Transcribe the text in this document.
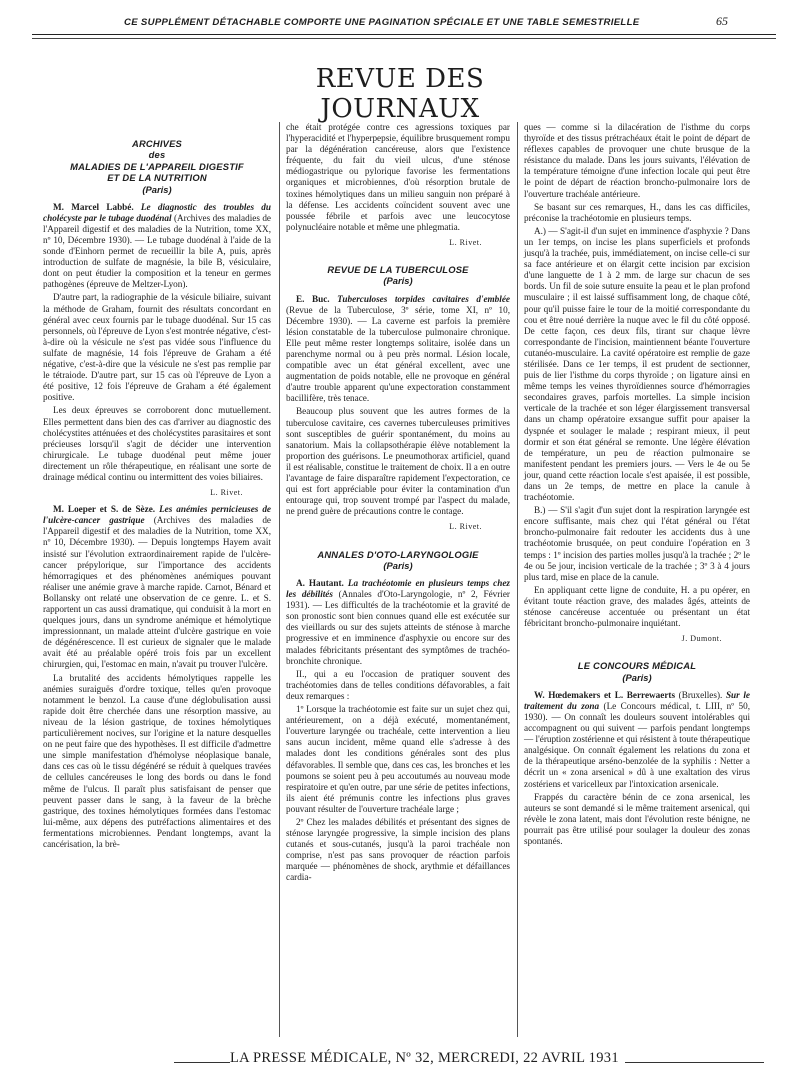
CE SUPPLÉMENT DÉTACHABLE COMPORTE UNE PAGINATION SPÉCIALE ET UNE TABLE SEMESTRIELLE	65
REVUE DES JOURNAUX
ARCHIVES
des
MALADIES DE L'APPAREIL DIGESTIF
ET DE LA NUTRITION
(Paris)
M. Marcel Labbé. Le diagnostic des troubles du cholécyste par le tubage duodénal (Archives des maladies de l'Appareil digestif et des maladies de la Nutrition, tome XX, nº 10, Décembre 1930). — Le tubage duodénal à l'aide de la sonde d'Einhorn permet de recueillir la bile A, puis, après introduction de sulfate de magnésie, la bile B, vésiculaire, dont on peut étudier la composition et la teneur en germes pathogènes (épreuve de Meltzer-Lyon).
D'autre part, la radiographie de la vésicule biliaire, suivant la méthode de Graham, fournit des résultats concordant en général avec ceux fournis par le tubage duodénal. Sur 15 cas personnels, où l'épreuve de Lyon s'est montrée négative, c'est-à-dire où la vésicule ne s'est pas vidée sous l'influence du sulfate de magnésie, 14 fois l'épreuve de Graham a été négative, c'est-à-dire que la vésicule ne s'est pas remplie par le tétraiode. D'autre part, sur 15 cas où l'épreuve de Lyon a été positive, 12 fois l'épreuve de Graham a été également positive.
Les deux épreuves se corroborent donc mutuellement. Elles permettent dans bien des cas d'arriver au diagnostic des cholécystites atténuées et des cholécystites parasitaires et sont précieuses lorsqu'il s'agit de décider une intervention chirurgicale. Le tubage duodénal peut même jouer directement un rôle thérapeutique, en réalisant une sorte de drainage médical continu ou intermittent des voies biliaires.
L. Rivet.
M. Loeper et S. de Sèze. Les anémies pernicieuses de l'ulcère-cancer gastrique (Archives des maladies de l'Appareil digestif et des maladies de la Nutrition, tome XX, nº 10, Décembre 1930). — Depuis longtemps Hayem avait insisté sur l'évolution extraordinairement rapide de l'ulcère-cancer prépylorique, sur l'importance des accidents hémorragiques et des phénomènes anémiques pouvant réaliser une anémie grave à marche rapide. Carnot, Bénard et Bollansky ont relaté une observation de ce genre. L. et S. rapportent un cas aussi dramatique, qui conduisit à la mort en quelques jours, dans un syndrome anémique et hémolytique impressionnant, un malade atteint d'ulcère gastrique en voie de dégénérescence. Il est curieux de signaler que le malade avait été au préalable opéré trois fois par un excellent chirurgien, qui, l'estomac en main, n'avait pu trouver l'ulcère.
La brutalité des accidents hémolytiques rappelle les anémies suraiguës d'ordre toxique, telles qu'en provoque notamment le benzol. La cause d'une déglobulisation aussi rapide doit être cherchée dans une résorption massive, au niveau de la lésion gastrique, de toxines hémolytiques particulièrement nocives, sur l'origine et la nature desquelles on ne peut faire que des hypothèses. Il est difficile d'admettre une simple manifestation d'hémolyse néoplasique banale, dans ces cas où le tissu dégénéré se réduit à quelques travées de cellules cancéreuses le long des bords ou dans le fond même de l'ulcus. Il paraît plus satisfaisant de penser que peuvent passer dans le sang, à la faveur de la brèche gastrique, des toxines hémolytiques formées dans l'estomac lui-même, aux dépens des putréfactions alimentaires et des fermentations microbiennes. Pendant longtemps, avant la cancérisation, la brè-
che était protégée contre ces agressions toxiques par l'hyperacidité et l'hyperpepsie, équilibre brusquement rompu par la dégénération cancéreuse, alors que l'existence fréquente, du fait du vieil ulcus, d'une sténose médiogastrique ou pylorique favorise les fermentations organiques et microbiennes, d'où résorption brutale de toxines hémolytiques dans un milieu sanguin non préparé à la défense. Les accidents coïncident souvent avec une poussée fébrile et parfois avec une leucocytose polynucléaire notable et même une phlegmatia.
L. Rivet.
REVUE DE LA TUBERCULOSE
(Paris)
E. Buc. Tuberculoses torpides cavitaires d'emblée (Revue de la Tuberculose, 3º série, tome XI, nº 10, Décembre 1930). — La caverne est parfois la première lésion constatable de la tuberculose pulmonaire chronique. Elle peut même rester longtemps solitaire, isolée dans un parenchyme normal ou à peu près normal. Lésion locale, compatible avec un état général excellent, avec une augmentation de poids notable, elle ne provoque en général d'autre trouble apparent qu'une expectoration constamment bacillifère, très tenace.
Beaucoup plus souvent que les autres formes de la tuberculose cavitaire, ces cavernes tuberculeuses primitives sont susceptibles de guérir spontanément, du moins au sanatorium. Mais la collapsothérapie élève notablement la proportion des guérisons. Le pneumothorax artificiel, quand il est réalisable, constitue le traitement de choix. Il a en outre l'avantage de faire disparaître rapidement l'expectoration, ce qui est fort appréciable pour éviter la contamination d'un entourage qui, trop souvent trompé par l'aspect du malade, ne prend guère de précautions contre le contage.
L. Rivet.
ANNALES D'OTO-LARYNGOLOGIE
(Paris)
A. Hautant. La trachéotomie en plusieurs temps chez les débilités (Annales d'Oto-Laryngologie, nº 2, Février 1931). — Les difficultés de la trachéotomie et la gravité de son pronostic sont bien connues quand elle est exécutée sur des vieillards ou sur des sujets atteints de sténose à marche progressive et en imminence d'asphyxie ou encore sur des malades fébricitants présentant des symptômes de trachéo-bronchite chronique.
II., qui a eu l'occasion de pratiquer souvent des trachéotomies dans de telles conditions défavorables, a fait deux remarques :
1º Lorsque la trachéotomie est faite sur un sujet chez qui, antérieurement, on a déjà exécuté, momentanément, l'ouverture laryngée ou trachéale, cette intervention a lieu sans aucun incident, même quand elle s'adresse à des malades dont les conditions générales sont des plus défavorables. Il semble que, dans ces cas, les bronches et les poumons se soient peu à peu accoutumés au nouveau mode respiratoire et qu'en outre, par une série de petites infections, ils aient été prémunis contre les infections plus graves pouvant résulter de l'ouverture trachéale large ;
2º Chez les malades débilités et présentant des signes de sténose laryngée progressive, la simple incision des plans cutanés et sous-cutanés, jusqu'à la paroi trachéale non comprise, n'est pas sans provoquer de réaction parfois marquée — phénomènes de shock, arythmie et défaillances cardia-
ques — comme si la dilacération de l'isthme du corps thyroïde et des tissus prétrachéaux était le point de départ de réflexes capables de provoquer une chute brusque de la résistance du malade. Dans les jours suivants, l'élévation de la température témoigne d'une infection locale qui peut être le point de départ de réaction broncho-pulmonaire lors de l'ouverture trachéale antérieure.
Se basant sur ces remarques, H., dans les cas difficiles, préconise la trachéotomie en plusieurs temps.
A.) — S'agit-il d'un sujet en imminence d'asphyxie ? Dans un 1er temps, on incise les plans superficiels et profonds jusqu'à la trachée, puis, immédiatement, on incise celle-ci sur sa face antérieure et on élargit cette incision par excision d'une languette de 1 à 2 mm. de large sur chacun de ses bords. Un fil de soie suture ensuite la peau et le plan profond musculaire ; il est laissé suffisamment long, de chaque côté, pour qu'il puisse faire le tour de la moitié correspondante du cou et être noué derrière la nuque avec le fil du côté opposé. De cette façon, ces deux fils, tirant sur chaque lèvre correspondante de l'incision, maintiennent béante l'ouverture cutanéo-musculaire. La cavité opératoire est remplie de gaze stérilisée. Dans ce 1er temps, il est prudent de sectionner, puis de lier l'isthme du corps thyroïde ; on ligature ainsi en même temps les veines thyroïdiennes source d'hémorragies secondaires graves, parfois mortelles. La simple incision verticale de la trachée et son léger élargissement transversal dans un champ opératoire exsangue suffit pour apaiser la dyspnée et soulager le malade ; respirant mieux, il peut dormir et son état général se remonte. Une légère élévation de température, un peu de réaction pulmonaire se manifestent pendant les premiers jours. — Vers le 4e ou 5e jour, quand cette réaction locale s'est apaisée, il est possible, dans un 2e temps, de mettre en place la canule à trachéotomie.
B.) — S'il s'agit d'un sujet dont la respiration laryngée est encore suffisante, mais chez qui l'état général ou l'état broncho-pulmonaire fait redouter les accidents dus à une trachéotomie brusquée, on peut conduire l'opération en 3 temps : 1º incision des parties molles jusqu'à la trachée ; 2º le 4e ou 5e jour, incision verticale de la trachée ; 3º 3 à 4 jours plus tard, mise en place de la canule.
En appliquant cette ligne de conduite, H. a pu opérer, en évitant toute réaction grave, des malades âgés, atteints de sténose cancéreuse accentuée ou présentant un état fébricitant broncho-pulmonaire inquiétant.
J. Dumont.
LE CONCOURS MÉDICAL
(Paris)
W. Hœdemakers et L. Berrewaerts (Bruxelles). Sur le traitement du zona (Le Concours médical, t. LIII, nº 50, 1930). — On connaît les douleurs souvent intolérables qui accompagnent ou qui suivent — parfois pendant longtemps — l'éruption zostérienne et qui résistent à toute thérapeutique analgésique. On connaît également les relations du zona et de la thérapeutique arséno-benzolée de la syphilis : Netter a décrit un « zona arsenical » dû à une exaltation des virus zostériens et varicelleux par l'intoxication arsenicale.
Frappés du caractère bénin de ce zona arsenical, les auteurs se sont demandé si le même traitement arsenical, qui révèle le zona latent, mais dont l'évolution reste bénigne, ne pourrait pas être utilisé pour soulager la douleur des zonas spontanés.
LA PRESSE MÉDICALE, Nº 32, MERCREDI, 22 AVRIL 1931
